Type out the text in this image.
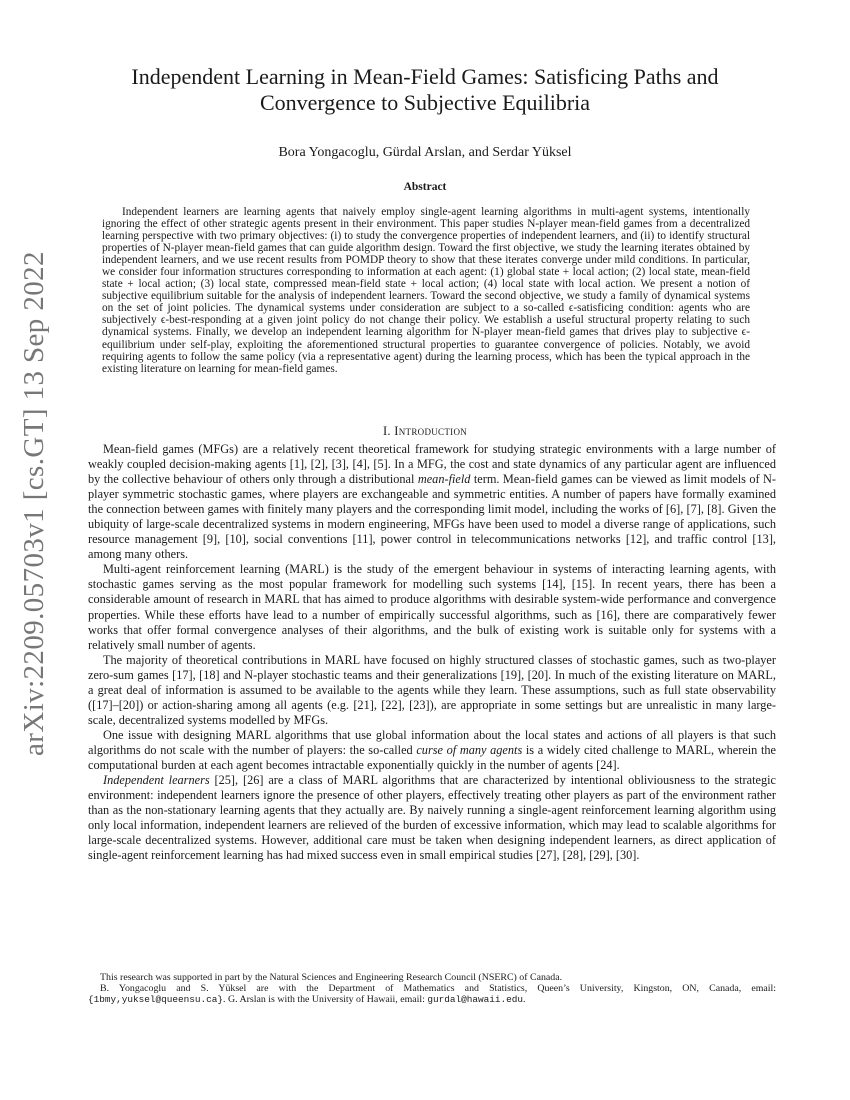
arXiv:2209.05703v1 [cs.GT] 13 Sep 2022
Independent Learning in Mean-Field Games: Satisficing Paths and
Convergence to Subjective Equilibria
Bora Yongacoglu, Gürdal Arslan, and Serdar Yüksel
Abstract

Independent learners are learning agents that naively employ single-agent learning algorithms in multi-agent systems, intentionally ignoring the effect of other strategic agents present in their environment. This paper studies N-player mean-field games from a decentralized learning perspective with two primary objectives: (i) to study the convergence properties of independent learners, and (ii) to identify structural properties of N-player mean-field games that can guide algorithm design. Toward the first objective, we study the learning iterates obtained by independent learners, and we use recent results from POMDP theory to show that these iterates converge under mild conditions. In particular, we consider four information structures corresponding to information at each agent: (1) global state + local action; (2) local state, mean-field state + local action; (3) local state, compressed mean-field state + local action; (4) local state with local action. We present a notion of subjective equilibrium suitable for the analysis of independent learners. Toward the second objective, we study a family of dynamical systems on the set of joint policies. The dynamical systems under consideration are subject to a so-called ϵ-satisficing condition: agents who are subjectively ϵ-best-responding at a given joint policy do not change their policy. We establish a useful structural property relating to such dynamical systems. Finally, we develop an independent learning algorithm for N-player mean-field games that drives play to subjective ϵ-equilibrium under self-play, exploiting the aforementioned structural properties to guarantee convergence of policies. Notably, we avoid requiring agents to follow the same policy (via a representative agent) during the learning process, which has been the typical approach in the existing literature on learning for mean-field games.

I. Introduction

Mean-field games (MFGs) are a relatively recent theoretical framework for studying strategic environments with a large number of weakly coupled decision-making agents [1], [2], [3], [4], [5]. In a MFG, the cost and state dynamics of any particular agent are influenced by the collective behaviour of others only through a distributional mean-field term. Mean-field games can be viewed as limit models of N-player symmetric stochastic games, where players are exchangeable and symmetric entities. A number of papers have formally examined the connection between games with finitely many players and the corresponding limit model, including the works of [6], [7], [8]. Given the ubiquity of large-scale decentralized systems in modern engineering, MFGs have been used to model a diverse range of applications, such resource management [9], [10], social conventions [11], power control in telecommunications networks [12], and traffic control [13], among many others.

Multi-agent reinforcement learning (MARL) is the study of the emergent behaviour in systems of interacting learning agents, with stochastic games serving as the most popular framework for modelling such systems [14], [15]. In recent years, there has been a considerable amount of research in MARL that has aimed to produce algorithms with desirable system-wide performance and convergence properties. While these efforts have lead to a number of empirically successful algorithms, such as [16], there are comparatively fewer works that offer formal convergence analyses of their algorithms, and the bulk of existing work is suitable only for systems with a relatively small number of agents.

The majority of theoretical contributions in MARL have focused on highly structured classes of stochastic games, such as two-player zero-sum games [17], [18] and N-player stochastic teams and their generalizations [19], [20]. In much of the existing literature on MARL, a great deal of information is assumed to be available to the agents while they learn. These assumptions, such as full state observability ([17]–[20]) or action-sharing among all agents (e.g. [21], [22], [23]), are appropriate in some settings but are unrealistic in many large-scale, decentralized systems modelled by MFGs.

One issue with designing MARL algorithms that use global information about the local states and actions of all players is that such algorithms do not scale with the number of players: the so-called curse of many agents is a widely cited challenge to MARL, wherein the computational burden at each agent becomes intractable exponentially quickly in the number of agents [24].

Independent learners [25], [26] are a class of MARL algorithms that are characterized by intentional obliviousness to the strategic environment: independent learners ignore the presence of other players, effectively treating other players as part of the environment rather than as the non-stationary learning agents that they actually are. By naively running a single-agent reinforcement learning algorithm using only local information, independent learners are relieved of the burden of excessive information, which may lead to scalable algorithms for large-scale decentralized systems. However, additional care must be taken when designing independent learners, as direct application of single-agent reinforcement learning has had mixed success even in small empirical studies [27], [28], [29], [30].

This research was supported in part by the Natural Sciences and Engineering Research Council (NSERC) of Canada.

B. Yongacoglu and S. Yüksel are with the Department of Mathematics and Statistics, Queen’s University, Kingston, ON, Canada, email: {1bmy,yuksel@queensu.ca}. G. Arslan is with the University of Hawaii, email: gurdal@hawaii.edu.
